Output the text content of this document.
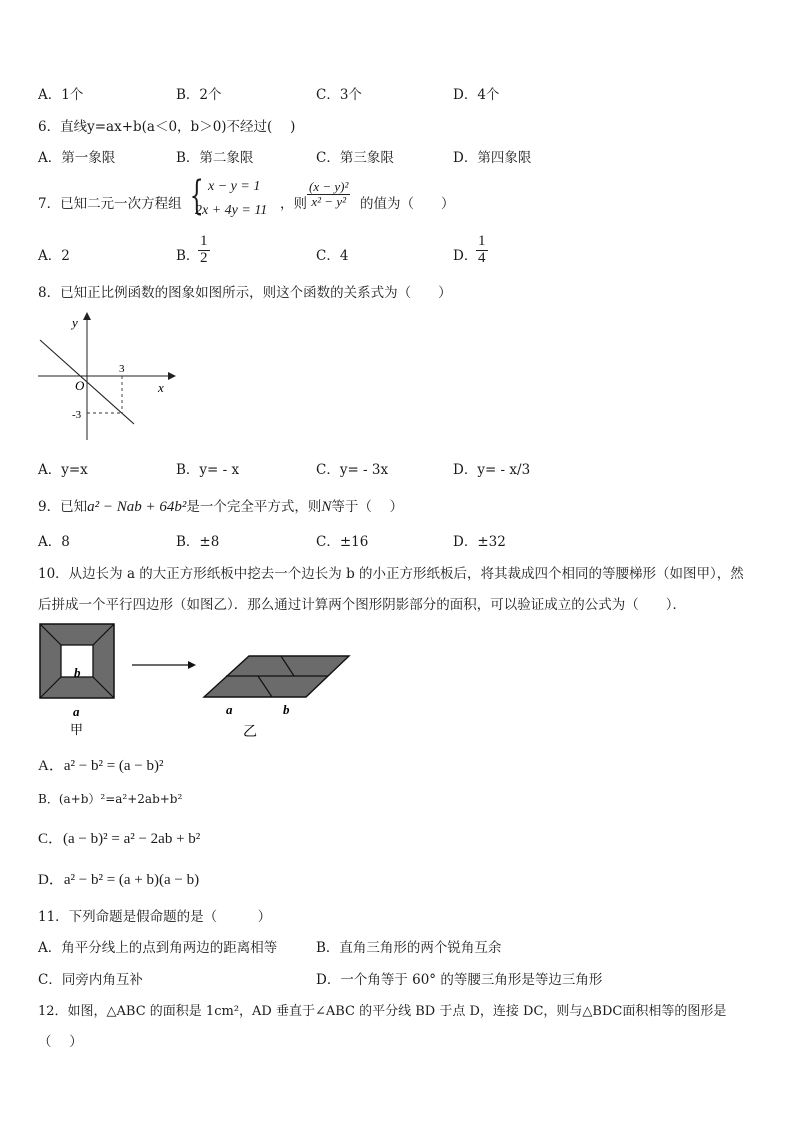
A．1个	B．2个	C．3个	D．4个
6．直线y=ax+b(a＜0，b＞0)不经过(　 )
A．第一象限	B．第二象限	C．第三象限	D．第四象限
7．已知二元一次方程组 { x − y = 1
2x + 4y = 11 ，则 $\frac{\text{(x − y)²}}{\text{x² − y²}}$ 的值为（　　）
A．2	B．
$\frac{1}{2}$	C．4	D．
$\frac{1}{4}$
8．已知正比例函数的图象如图所示，则这个函数的关系式为（　　）
y
x
O
3
-3
A．y=x	B．y= - x	C．y= - 3x	D．y= - x/3
9．已知a² − Nab + 64b²是一个完全平方式，则N等于（　 ）
A．8	B．±8	C．±16	D．±32
10．从边长为 a 的大正方形纸板中挖去一个边长为 b 的小正方形纸板后，将其裁成四个相同的等腰梯形（如图甲），然
后拼成一个平行四边形（如图乙）．那么通过计算两个图形阴影部分的面积，可以验证成立的公式为（　　）．
b
a
甲
a	b
乙
A．a² − b² = (a − b)²
B．(a+b）²=a²+2ab+b²
C．(a − b)² = a² − 2ab + b²
D．a² − b² = (a + b)(a − b)
11．下列命题是假命题的是（　　　）
A．角平分线上的点到角两边的距离相等	B．直角三角形的两个锐角互余
C．同旁内角互补	D．一个角等于 60° 的等腰三角形是等边三角形
12．如图，△ABC 的面积是 1cm²，AD 垂直于∠ABC 的平分线 BD 于点 D，连接 DC，则与△BDC面积相等的图形是
（　 ）
